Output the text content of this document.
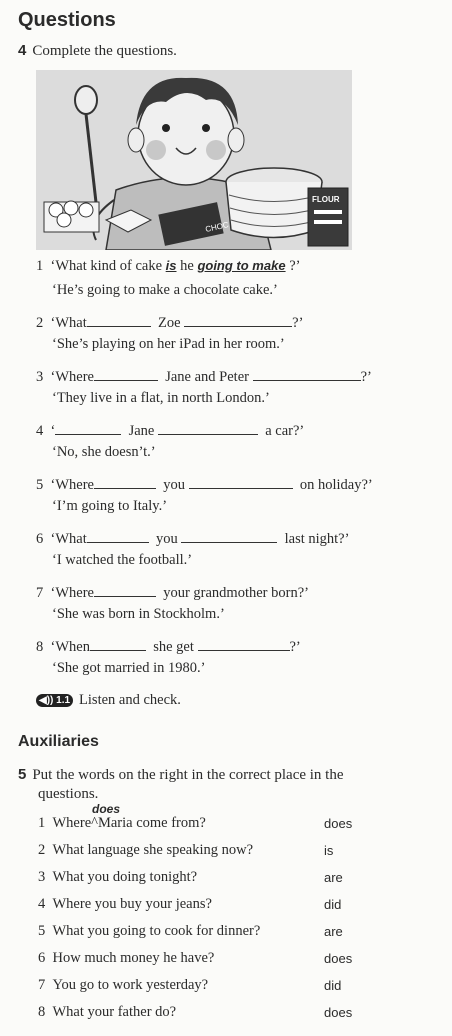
Questions
4 Complete the questions.
CHOC
FLOUR
1 ‘What kind of cake is he going to make ?’
‘He’s going to make a chocolate cake.’
2 ‘What	Zoe	?’
‘She’s playing on her iPad in her room.’
3 ‘Where	Jane and Peter	?’
‘They live in a flat, in north London.’
4 ‘	Jane	a car?’
‘No, she doesn’t.’
5 ‘Where	you	on holiday?’
‘I’m going to Italy.’
6 ‘What	you	last night?’
‘I watched the football.’
7 ‘Where	your grandmother born?’
‘She was born in Stockholm.’
8 ‘When	she get	?’
‘She got married in 1980.’
◀)) 1.1 Listen and check.
Auxiliaries
5 Put the words on the right in the correct place in the
questions.
does
1 Where^Maria come from?	does
2 What language she speaking now?	is
3 What you doing tonight?	are
4 Where you buy your jeans?	did
5 What you going to cook for dinner?	are
6 How much money he have?	does
7 You go to work yesterday?	did
8 What your father do?	does
